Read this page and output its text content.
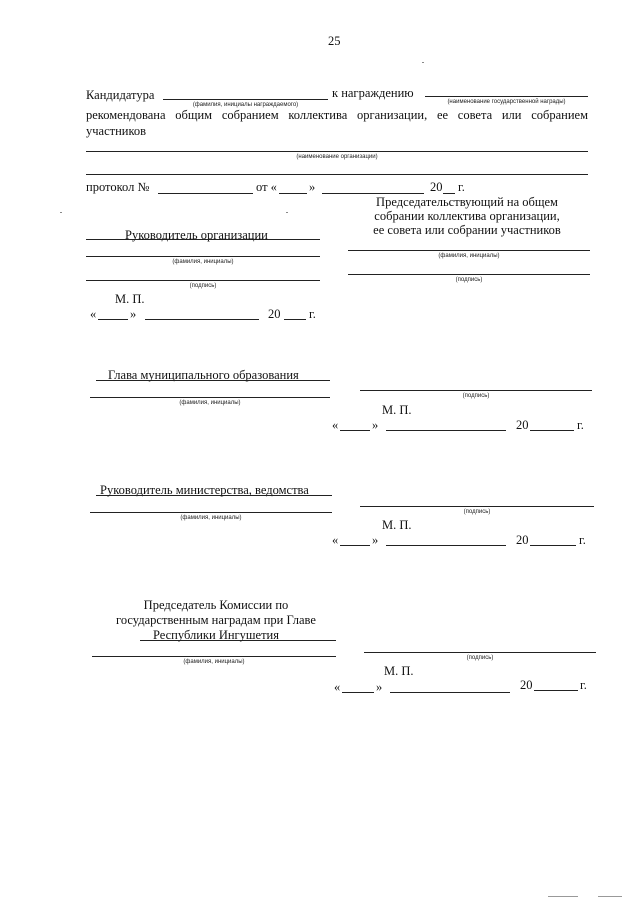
25
Кандидатура
(фамилия, инициалы награждаемого)
к награждению
(наименование государственной награды)
рекомендована общим собранием коллектива организации, ее совета или собранием
участников
(наименование организации)
протокол №	от «	»	20 г.
Председательствующий на общем
собрании коллектива организации,
ее совета или собрании участников
(фамилия, инициалы)
(подпись)
Руководитель организации
(фамилия, инициалы)
(подпись)
М. П.
«	»	20 г.
Глава муниципального образования
(фамилия, инициалы)
(подпись)
М. П.
«	»	20	г.
Руководитель министерства, ведомства
(фамилия, инициалы)
(подпись)
М. П.
«	»	20	г.
Председатель Комиссии по
государственным наградам при Главе
Республики Ингушетия
(фамилия, инициалы)
(подпись)
М. П.
«	»	20	г.
